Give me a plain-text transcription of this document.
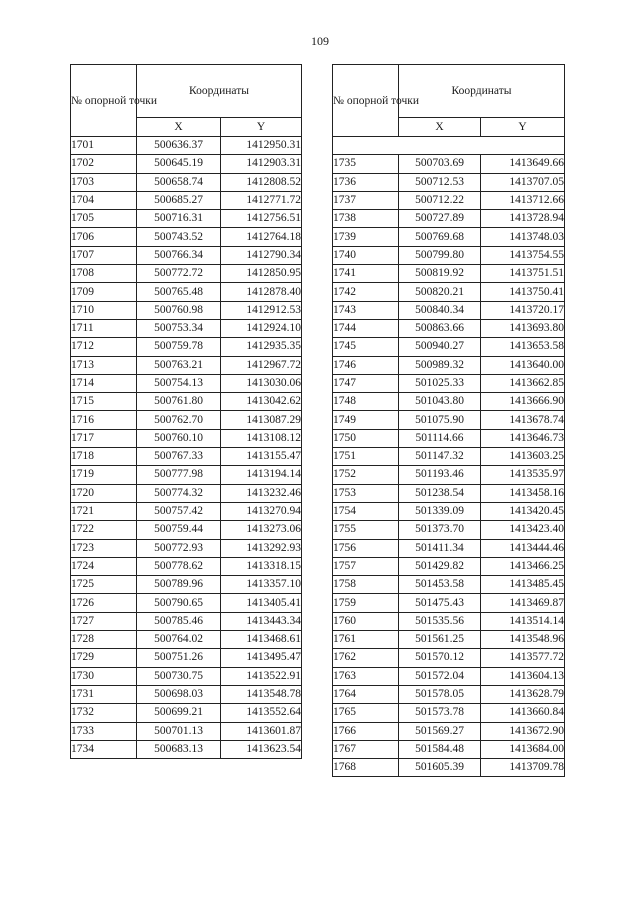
109
№ опорной точки	Координаты	
	X	Y
1701	500636.37	1412950.31
1702	500645.19	1412903.31
1703	500658.74	1412808.52
1704	500685.27	1412771.72
1705	500716.31	1412756.51
1706	500743.52	1412764.18
1707	500766.34	1412790.34
1708	500772.72	1412850.95
1709	500765.48	1412878.40
1710	500760.98	1412912.53
1711	500753.34	1412924.10
1712	500759.78	1412935.35
1713	500763.21	1412967.72
1714	500754.13	1413030.06
1715	500761.80	1413042.62
1716	500762.70	1413087.29
1717	500760.10	1413108.12
1718	500767.33	1413155.47
1719	500777.98	1413194.14
1720	500774.32	1413232.46
1721	500757.42	1413270.94
1722	500759.44	1413273.06
1723	500772.93	1413292.93
1724	500778.62	1413318.15
1725	500789.96	1413357.10
1726	500790.65	1413405.41
1727	500785.46	1413443.34
1728	500764.02	1413468.61
1729	500751.26	1413495.47
1730	500730.75	1413522.91
1731	500698.03	1413548.78
1732	500699.21	1413552.64
1733	500701.13	1413601.87
1734	500683.13	1413623.54
№ опорной точки	Координаты	
	X	Y

1735	500703.69	1413649.66
1736	500712.53	1413707.05
1737	500712.22	1413712.66
1738	500727.89	1413728.94
1739	500769.68	1413748.03
1740	500799.80	1413754.55
1741	500819.92	1413751.51
1742	500820.21	1413750.41
1743	500840.34	1413720.17
1744	500863.66	1413693.80
1745	500940.27	1413653.58
1746	500989.32	1413640.00
1747	501025.33	1413662.85
1748	501043.80	1413666.90
1749	501075.90	1413678.74
1750	501114.66	1413646.73
1751	501147.32	1413603.25
1752	501193.46	1413535.97
1753	501238.54	1413458.16
1754	501339.09	1413420.45
1755	501373.70	1413423.40
1756	501411.34	1413444.46
1757	501429.82	1413466.25
1758	501453.58	1413485.45
1759	501475.43	1413469.87
1760	501535.56	1413514.14
1761	501561.25	1413548.96
1762	501570.12	1413577.72
1763	501572.04	1413604.13
1764	501578.05	1413628.79
1765	501573.78	1413660.84
1766	501569.27	1413672.90
1767	501584.48	1413684.00
1768	501605.39	1413709.78
